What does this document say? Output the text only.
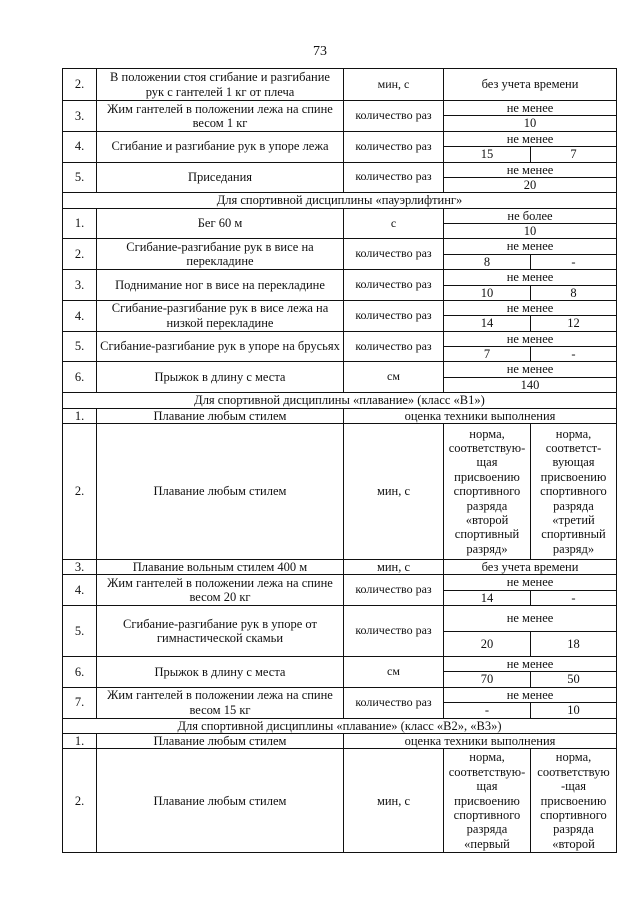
73
2.	В положении стоя сгибание и разгибание рук с гантелей 1 кг от плеча	мин, с	без учета времени	
3.	Жим гантелей в положении лежа на спине весом 1 кг	количество раз	не менее	
			10	
4.	Сгибание и разгибание рук в упоре лежа	количество раз	не менее	
			15	7
5.	Приседания	количество раз	не менее	
			20	
Для спортивной дисциплины «пауэрлифтинг»				
1.	Бег 60 м	с	не более	
			10	
2.	Сгибание-разгибание рук в висе на перекладине	количество раз	не менее	
			8	-
3.	Поднимание ног в висе на перекладине	количество раз	не менее	
			10	8
4.	Сгибание-разгибание рук в висе лежа на низкой перекладине	количество раз	не менее	
			14	12
5.	Сгибание-разгибание рук в упоре на брусьях	количество раз	не менее	
			7	-
6.	Прыжок в длину с места	см	не менее	
			140	
Для спортивной дисциплины «плавание» (класс «В1»)				
1.	Плавание любым стилем	оценка техники выполнения		
2.	Плавание любым стилем	мин, с	норма, соответствую-щая присвоению спортивного разряда «второй спортивный разряд»	норма, соответст-вующая присвоению спортивного разряда «третий спортивный разряд»
3.	Плавание вольным стилем 400 м	мин, с	без учета времени	
4.	Жим гантелей в положении лежа на спине весом 20 кг	количество раз	не менее	
			14	-
5.	Сгибание-разгибание рук в упоре от гимнастической скамьи	количество раз	не менее	
			20	18
6.	Прыжок в длину с места	см	не менее	
			70	50
7.	Жим гантелей в положении лежа на спине весом 15 кг	количество раз	не менее	
			-	10
Для спортивной дисциплины «плавание» (класс «В2», «В3»)				
1.	Плавание любым стилем	оценка техники выполнения		
2.	Плавание любым стилем	мин, с	норма, соответствую-щая присвоению спортивного разряда «первый	норма, соответствую -щая присвоению спортивного разряда «второй
